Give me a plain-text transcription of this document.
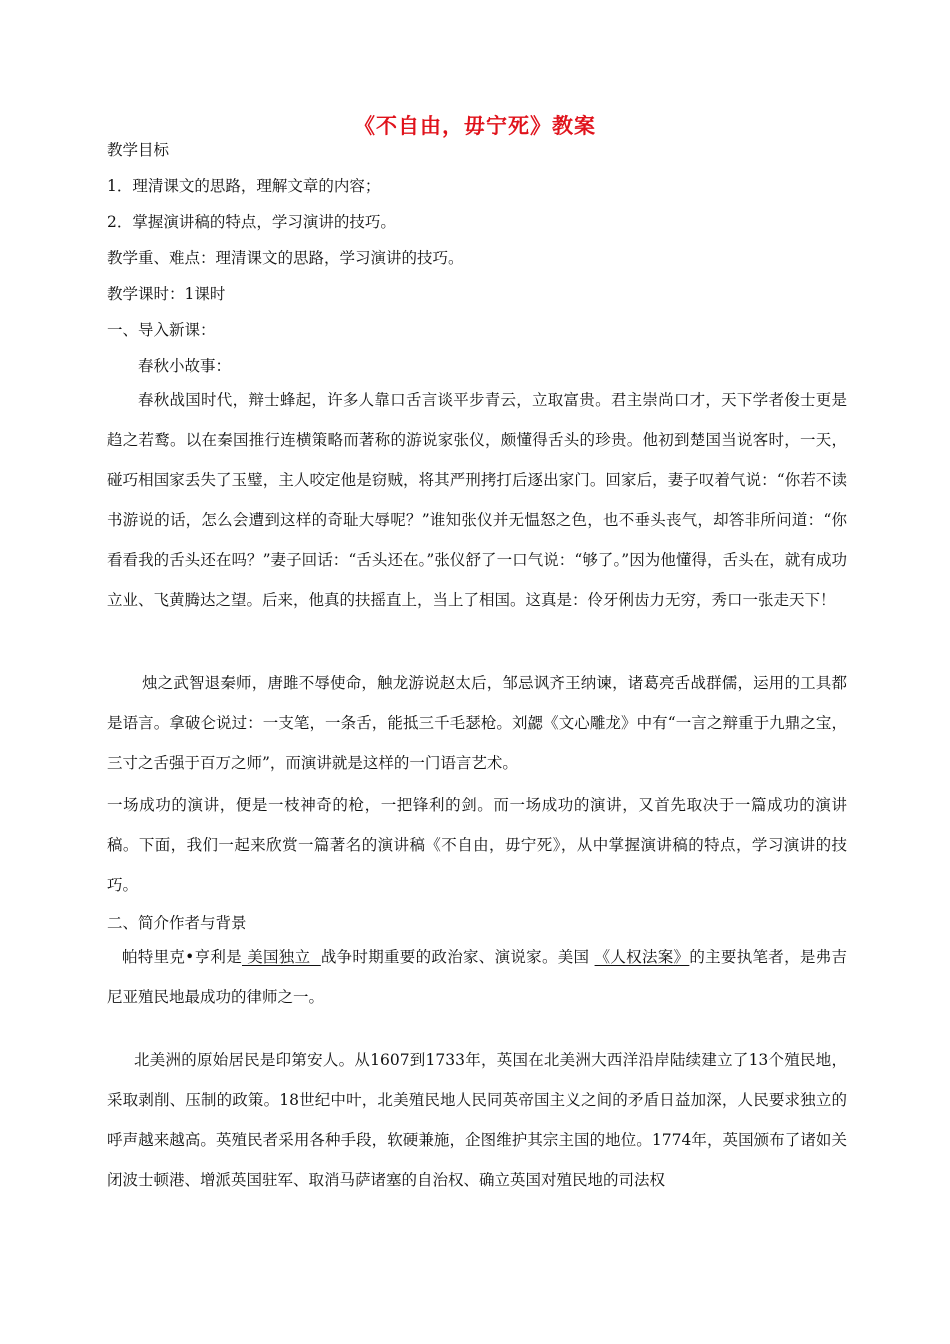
《不自由，毋宁死》教案
教学目标
1．理清课文的思路，理解文章的内容；
2．掌握演讲稿的特点，学习演讲的技巧。
教学重、难点：理清课文的思路，学习演讲的技巧。
教学课时：1课时
一、导入新课：
春秋小故事：
春秋战国时代，辩士蜂起，许多人靠口舌言谈平步青云，立取富贵。君主崇尚口才，天下学者俊士更是趋之若鹜。以在秦国推行连横策略而著称的游说家张仪，颇懂得舌头的珍贵。他初到楚国当说客时，一天，碰巧相国家丢失了玉璧，主人咬定他是窃贼，将其严刑拷打后逐出家门。回家后，妻子叹着气说：“你若不读书游说的话，怎么会遭到这样的奇耻大辱呢？”谁知张仪并无愠怒之色，也不垂头丧气，却答非所问道：“你看看我的舌头还在吗？”妻子回话：“舌头还在。”张仪舒了一口气说：“够了。”因为他懂得，舌头在，就有成功立业、飞黄腾达之望。后来，他真的扶摇直上，当上了相国。这真是：伶牙俐齿力无穷，秀口一张走天下！
烛之武智退秦师，唐雎不辱使命，触龙游说赵太后，邹忌讽齐王纳谏，诸葛亮舌战群儒，运用的工具都是语言。拿破仑说过：一支笔，一条舌，能抵三千毛瑟枪。刘勰《文心雕龙》中有“一言之辩重于九鼎之宝，三寸之舌强于百万之师”，而演讲就是这样的一门语言艺术。
一场成功的演讲，便是一枝神奇的枪，一把锋利的剑。而一场成功的演讲，又首先取决于一篇成功的演讲稿。下面，我们一起来欣赏一篇著名的演讲稿《不自由，毋宁死》，从中掌握演讲稿的特点，学习演讲的技巧。
二、简介作者与背景
帕特里克•亨利是 美国独立  战争时期重要的政治家、演说家。美国 《人权法案》的主要执笔者，是弗吉尼亚殖民地最成功的律师之一。
北美洲的原始居民是印第安人。从1607到1733年，英国在北美洲大西洋沿岸陆续建立了13个殖民地，采取剥削、压制的政策。18世纪中叶，北美殖民地人民同英帝国主义之间的矛盾日益加深，人民要求独立的呼声越来越高。英殖民者采用各种手段，软硬兼施，企图维护其宗主国的地位。1774年，英国颁布了诸如关闭波士顿港、增派英国驻军、取消马萨诸塞的自治权、确立英国对殖民地的司法权
